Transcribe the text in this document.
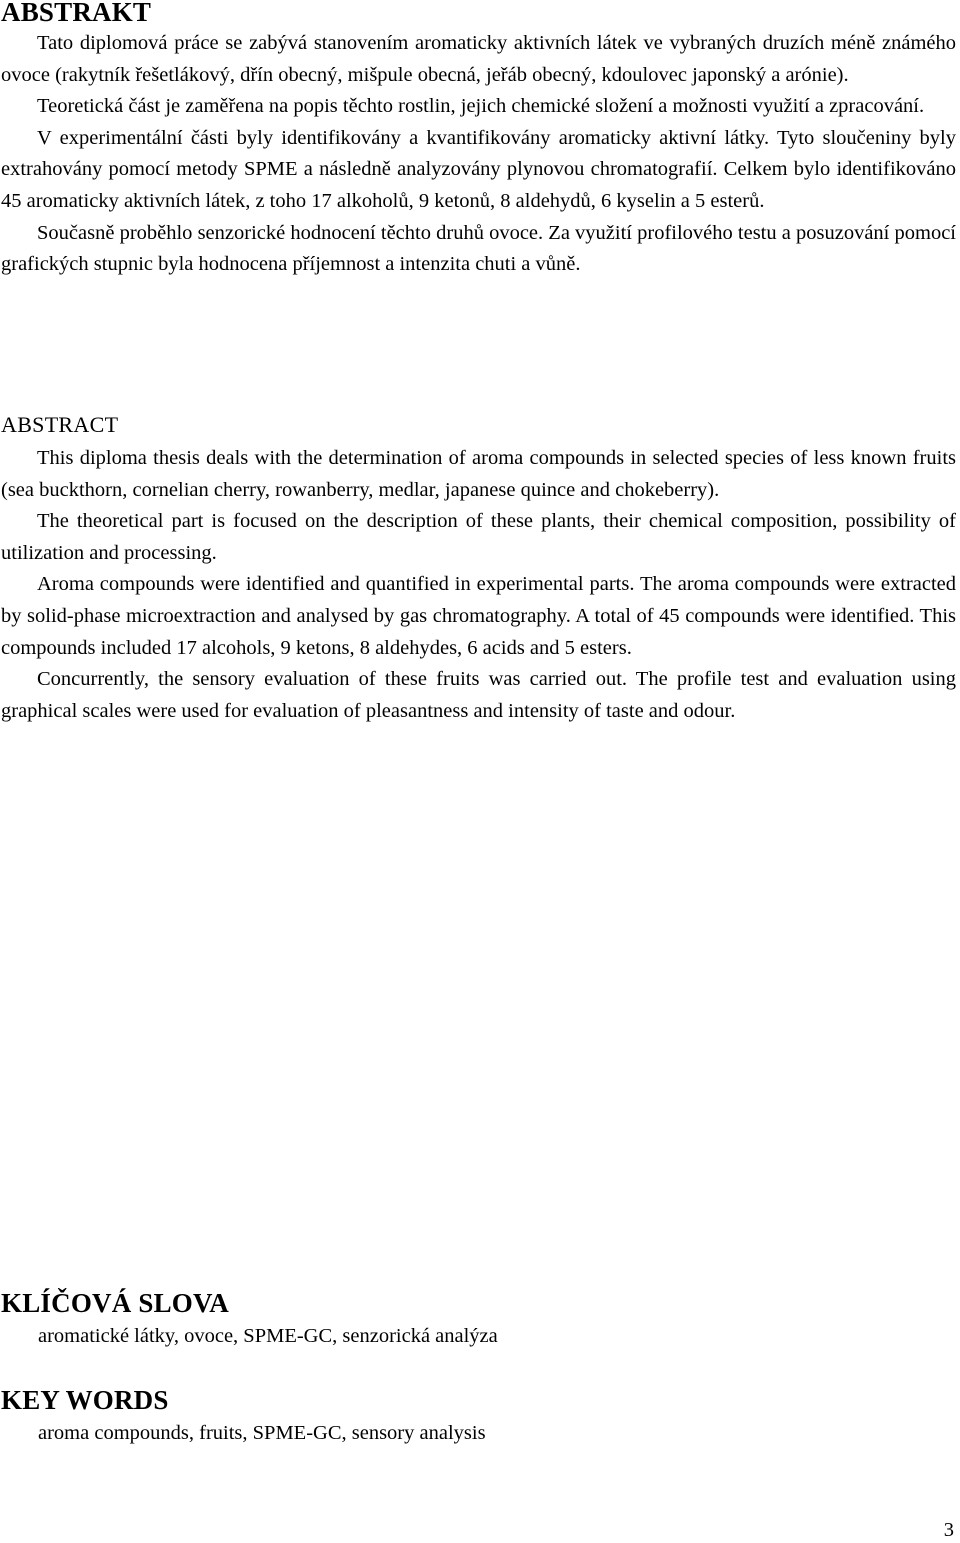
ABSTRAKT

Tato diplomová práce se zabývá stanovením aromaticky aktivních látek ve vybraných druzích méně známého ovoce (rakytník řešetlákový, dřín obecný, mišpule obecná, jeřáb obecný, kdoulovec japonský a arónie).

Teoretická část je zaměřena na popis těchto rostlin, jejich chemické složení a možnosti využití a zpracování.

V experimentální části byly identifikovány a kvantifikovány aromaticky aktivní látky. Tyto sloučeniny byly extrahovány pomocí metody SPME a následně analyzovány plynovou chromatografií. Celkem bylo identifikováno 45 aromaticky aktivních látek, z toho 17 alkoholů, 9 ketonů, 8 aldehydů, 6 kyselin a 5 esterů.

Současně proběhlo senzorické hodnocení těchto druhů ovoce. Za využití profilového testu a posuzování pomocí grafických stupnic byla hodnocena příjemnost a intenzita chuti a vůně.

ABSTRACT

This diploma thesis deals with the determination of aroma compounds in selected species of less known fruits (sea buckthorn, cornelian cherry, rowanberry, medlar, japanese quince and chokeberry).

The theoretical part is focused on the description of these plants, their chemical composition, possibility of utilization and processing.

Aroma compounds were identified and quantified in experimental parts. The aroma compounds were extracted by solid-phase microextraction and analysed by gas chromatography. A total of 45 compounds were identified. This compounds included 17 alcohols, 9 ketons, 8 aldehydes, 6 acids and 5 esters.

Concurrently, the sensory evaluation of these fruits was carried out. The profile test and evaluation using graphical scales were used for evaluation of pleasantness and intensity of taste and odour.

KLÍČOVÁ SLOVA

aromatické látky, ovoce, SPME-GC, senzorická analýza

KEY WORDS

aroma compounds, fruits, SPME-GC, sensory analysis

3
